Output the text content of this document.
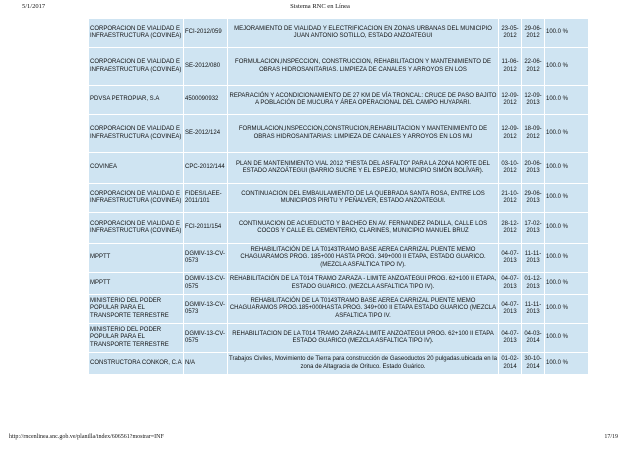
5/1/2017	Sistema RNC en Línea
CORPORACION DE VIALIDAD E INFRAESTRUCTURA (COVINEA)	FCI-2012/059	MEJORAMIENTO DE VIALIDAD Y ELECTRIFICACION EN ZONAS URBANAS DEL MUNICIPIO JUAN ANTONIO SOTILLO, ESTADO ANZOATEGUI	23-05-2012	29-06-2012	100.0 %
CORPORACION DE VIALIDAD E INFRAESTRUCTURA (COVINEA)	SE-2012/080	FORMULACION,INSPECCION, CONSTRUCCION, REHABILITACION Y MANTENIMIENTO DE OBRAS HIDROSANITARIAS. LIMPIEZA DE CANALES Y ARROYOS EN LOS	11-06-2012	22-06-2012	100.0 %
PDVSA PETROPIAR, S.A	4500090932	REPARACIÓN Y ACONDICIONAMIENTO DE 27 KM DE VÍA TRONCAL: CRUCE DE PASO BAJITO A POBLACIÓN DE MUCURA Y ÁREA OPERACIONAL DEL CAMPO HUYAPARI.	12-09-2012	12-09-2013	100.0 %
CORPORACION DE VIALIDAD E INFRAESTRUCTURA (COVINEA)	SE-2012/124	FORMULACION,INSPECCION,CONSTRUCION,REHABILITACION Y MANTENIMIENTO DE OBRAS HIDROSANITARIAS: LIMPIEZA DE CANALES Y ARROYOS EN LOS MU	12-09-2012	18-09-2012	100.0 %
COVINEA	CPC-2012/144	PLAN DE MANTENIMIENTO VIAL 2012 "FIESTA DEL ASFALTO" PARA LA ZONA NORTE DEL ESTADO ANZOÁTEGUI (BARRIO SUCRE Y EL ESPEJO, MUNICIPIO SIMÓN BOLÍVAR).	03-10-2012	20-06-2013	100.0 %
CORPORACION DE VIALIDAD E INFRAESTRUCTURA (COVINEA)	FIDES/LAEE-2011/101	CONTINUACION DEL EMBAULAMIENTO DE LA QUEBRADA SANTA ROSA, ENTRE LOS MUNICIPIOS PIRITU Y PEÑALVER, ESTADO ANZOATEGUI.	21-10-2012	29-06-2013	100.0 %
CORPORACION DE VIALIDAD E INFRAESTRUCTURA (COVINEA)	FCI-2011/154	CONTINUACION DE ACUEDUCTO Y BACHEO EN AV. FERNANDEZ PADILLA, CALLE LOS COCOS Y CALLE EL CEMENTERIO, CLARINES, MUNICIPIO MANUEL BRUZ	28-12-2012	17-02-2013	100.0 %
MPPTT	DGMIV-13-CV-0573	REHABILITACIÓN DE LA T0143TRAMO BASE AEREA CARRIZAL PUENTE MEMO CHAGUARAMOS PROG. 185+000 HASTA PROG. 349+000 II ETAPA, ESTADO GUARICO. (MEZCLA ASFALTICA TIPO IV).	04-07-2013	11-11-2013	100.0 %
MPPTT	DGMIV-13-CV-0575	REHABILITACIÓN DE LA T014 TRAMO ZARAZA - LIMITE ANZOATEGUI PROG. 62+100 II ETAPA, ESTADO GUARICO. (MEZCLA ASFALTICA TIPO IV).	04-07-2013	01-12-2013	100.0 %
MINISTERIO DEL PODER POPULAR PARA EL TRANSPORTE TERRESTRE	DGMIV-13-CV-0573	REHABILITACIÓN DE LA T0143TRAMO BASE AEREA CARRIZAL PUENTE MEMO CHAGUARAMOS PROG.185+000HASTA PROG. 349+000 II ETAPA ESTADO GUARICO (MEZCLA ASFALTICA TIPO IV.	04-07-2013	11-11-2013	100.0 %
MINISTERIO DEL PODER POPULAR PARA EL TRANSPORTE TERRESTRE	DGMIV-13-CV-0575	REHABILITACION DE LA T014 TRAMO ZARAZA-LIMITE ANZOATEGUI PROG. 62+100 II ETAPA ESTADO GUARICO (MEZCLA ASFALTICA TIPO IV).	04-07-2013	04-03-2014	100.0 %
CONSTRUCTORA CONKOR, C.A	N/A	Trabajos Civiles, Movimiento de Tierra para construcción de Gaseoductos 20 pulgadas.ubicada en la zona de Altagracia de Orituco. Estado Guárico.	01-02-2014	30-10-2014	100.0 %
http://rncenlinea.snc.gob.ve/planilla/index/606561?mostrar=INF	17/19
